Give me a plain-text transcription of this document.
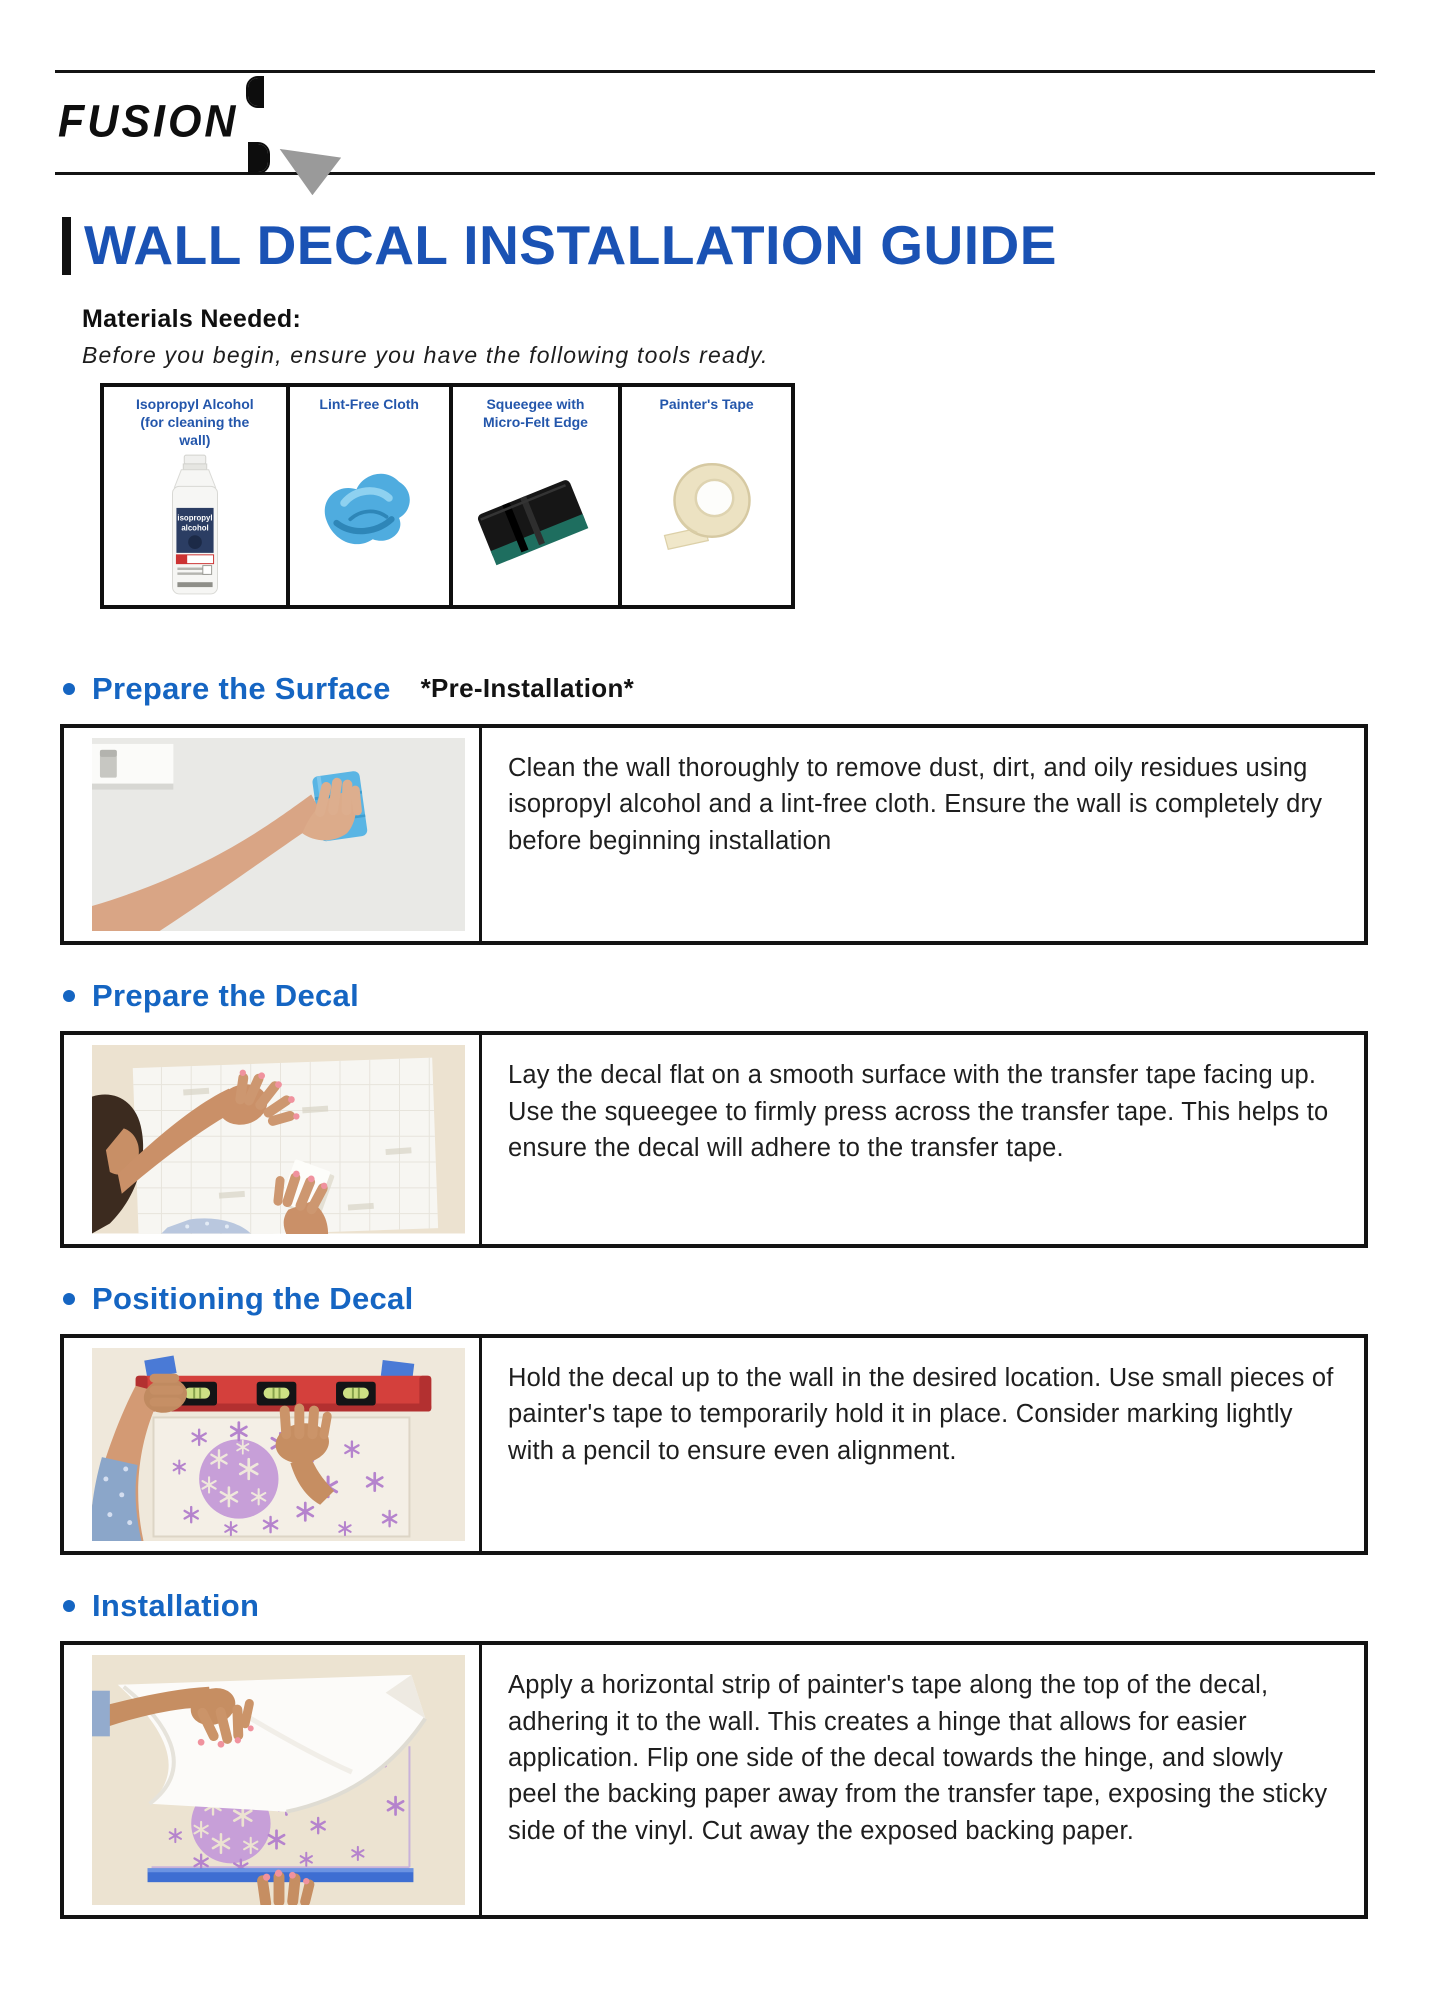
FUSION DECALS
WALL DECAL INSTALLATION GUIDE
Materials Needed:
Before you begin, ensure you have the following tools ready.
Isopropyl Alcohol (for cleaning the wall)
isopropyl
alcohol

Lint-Free Cloth	Squeegee with Micro-Felt Edge

Painter's Tape
Prepare the Surface *Pre-Installation*
Clean the wall thoroughly to remove dust, dirt, and oily residues using isopropyl alcohol and a lint-free cloth. Ensure the wall is completely dry before beginning installation
Prepare the Decal
Lay the decal flat on a smooth surface with the transfer tape facing up. Use the squeegee to firmly press across the transfer tape. This helps to ensure the decal will adhere to the transfer tape.
Positioning the Decal
Hold the decal up to the wall in the desired location. Use small pieces of painter's tape to temporarily hold it in place. Consider marking lightly with a pencil to ensure even alignment.
Installation
Apply a horizontal strip of painter's tape along the top of the decal, adhering it to the wall. This creates a hinge that allows for easier application. Flip one side of the decal towards the hinge, and slowly peel the backing paper away from the transfer tape, exposing the sticky side of the vinyl. Cut away the exposed backing paper.
